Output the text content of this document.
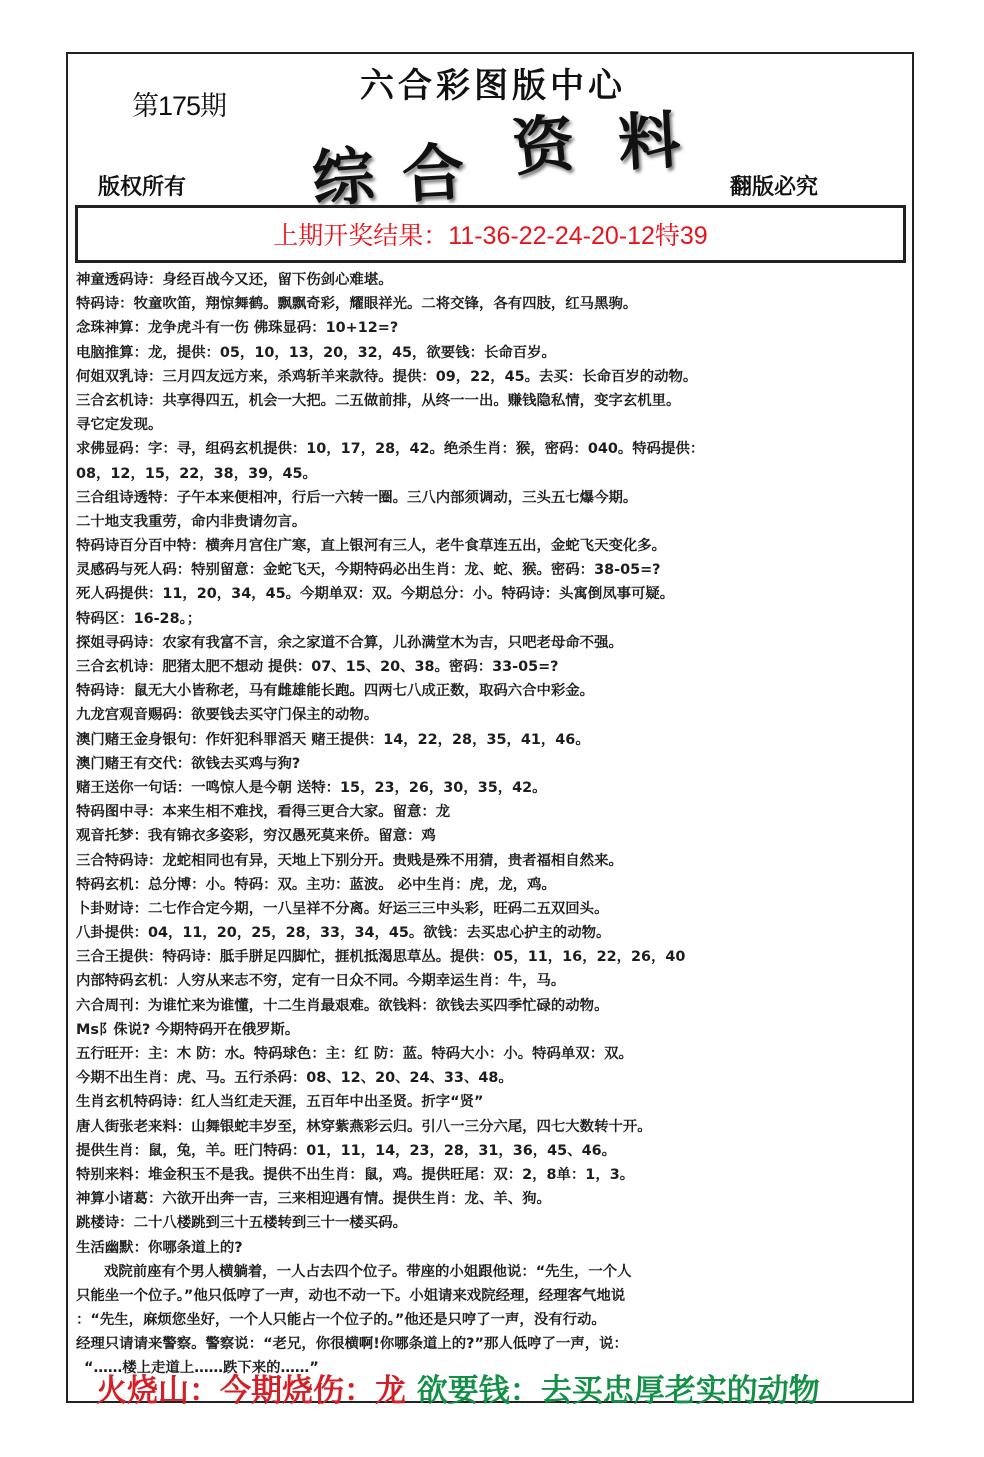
第175期	六合彩图版中心
综 合 资 料
版权所有	翻版必究
上期开奖结果：11-36-22-24-20-12特39
神童透码诗：身经百战今又还，留下伤剑心难堪。
特码诗：牧童吹笛，翔惊舞鹤。飘飘奇彩，耀眼祥光。二将交锋，各有四肢，红马黑驹。
念珠神算：龙争虎斗有一伤 佛珠显码：10+12=?
电脑推算：龙，提供：05，10，13，20，32，45，欲要钱：长命百岁。
何姐双乳诗：三月四友远方来，杀鸡斩羊来款待。提供：09，22，45。去买：长命百岁的动物。
三合玄机诗：共享得四五，机会一大把。二五做前排，从终一一出。赚钱隐私情，变字玄机里。
寻它定发现。
求佛显码：字：寻，组码玄机提供：10，17，28，42。绝杀生肖：猴，密码：040。特码提供：
08，12，15，22，38，39，45。
三合组诗透特：子午本来便相冲，行后一六转一圈。三八内部须调动，三头五七爆今期。
二十地支我重劳，命内非贵请勿言。
特码诗百分百中特：横奔月宫住广寒，直上银河有三人，老牛食草连五出，金蛇飞天变化多。
灵感码与死人码：特别留意：金蛇飞天，今期特码必出生肖：龙、蛇、猴。密码：38-05=?
死人码提供：11，20，34，45。今期单双：双。今期总分：小。特码诗：头寓倒凤事可疑。
特码区：16-28。；
探姐寻码诗：农家有我富不言，余之家道不合算，儿孙满堂木为吉，只吧老母命不强。
三合玄机诗：肥猪太肥不想动 提供：07、15、20、38。密码：33-05=?
特码诗：鼠无大小皆称老，马有雌雄能长跑。四两七八成正数，取码六合中彩金。
九龙宫观音赐码：欲要钱去买守门保主的动物。
澳门赌王金身银句：作奸犯科罪滔天 赌王提供：14，22，28，35，41，46。
澳门赌王有交代：欲钱去买鸡与狗?
赌王送你一句话：一鸣惊人是今朝 送特：15，23，26，30，35，42。
特码图中寻：本来生相不难找，看得三更合大家。留意：龙
观音托梦：我有锦衣多姿彩，穷汉愚死莫来侨。留意：鸡
三合特码诗：龙蛇相同也有异，天地上下别分开。贵贱是殊不用猜，贵者福相自然来。
特码玄机：总分博：小。特码：双。主功：蓝波。 必中生肖：虎，龙，鸡。
卜卦财诗：二七作合定今期，一八呈祥不分离。好运三三中头彩，旺码二五双回头。
八卦提供：04，11，20，25，28，33，34，45。欲钱：去买忠心护主的动物。
三合王提供：特码诗：胝手胼足四脚忙，捱机抵渴思草丛。提供：05，11，16，22，26，40
内部特码玄机：人穷从来志不穷，定有一日众不同。今期幸运生肖：牛，马。
六合周刊：为谁忙来为谁懂，十二生肖最艰难。欲钱料：欲钱去买四季忙碌的动物。
Ms阝侏说? 今期特码开在俄罗斯。
五行旺开：主：木 防：水。特码球色：主：红 防：蓝。特码大小：小。特码单双：双。
今期不出生肖：虎、马。五行杀码：08、12、20、24、33、48。
生肖玄机特码诗：红人当红走天涯，五百年中出圣贤。折字“贤”
唐人街张老来料：山舞银蛇丰岁至，林穿紫燕彩云归。引八一三分六尾，四七大数转十开。
提供生肖：鼠，兔，羊。旺门特码：01，11，14，23，28，31，36，45、46。
特别来料：堆金积玉不是我。提供不出生肖：鼠，鸡。提供旺尾：双：2，8单：1，3。
神算小诸葛：六欲开出奔一吉，三来相迎遇有情。提供生肖：龙、羊、狗。
跳楼诗：二十八楼跳到三十五楼转到三十一楼买码。
生活幽默：你哪条道上的?
戏院前座有个男人横躺着，一人占去四个位子。带座的小姐跟他说：“先生，一个人
只能坐一个位子。”他只低哼了一声，动也不动一下。小姐请来戏院经理，经理客气地说
：“先生，麻烦您坐好，一个人只能占一个位子的。”他还是只哼了一声，没有行动。
经理只请请来警察。警察说：“老兄，你很横啊!你哪条道上的?”那人低哼了一声，说：
“……楼上走道上……跌下来的……”
火烧山：今期烧伤：龙 欲要钱：去买忠厚老实的动物
